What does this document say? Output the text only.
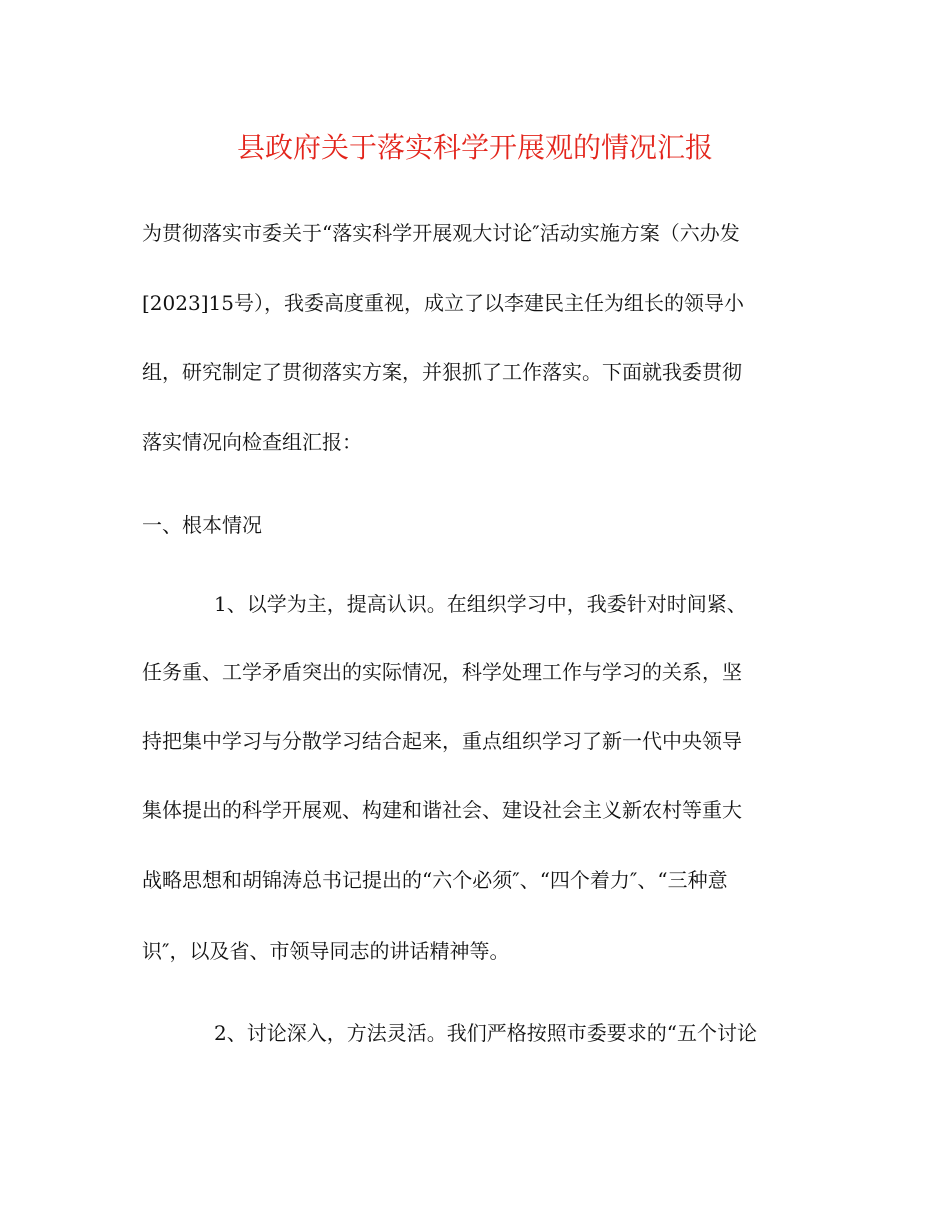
县政府关于落实科学开展观的情况汇报
为贯彻落实市委关于“落实科学开展观大讨论″活动实施方案（六办发
[2023]15号），我委高度重视，成立了以李建民主任为组长的领导小
组，研究制定了贯彻落实方案，并狠抓了工作落实。下面就我委贯彻
落实情况向检查组汇报：
一、根本情况
1、以学为主，提高认识。在组织学习中，我委针对时间紧、
任务重、工学矛盾突出的实际情况，科学处理工作与学习的关系，坚
持把集中学习与分散学习结合起来，重点组织学习了新一代中央领导
集体提出的科学开展观、构建和谐社会、建设社会主义新农村等重大
战略思想和胡锦涛总书记提出的“六个必须″、“四个着力″、“三种意
识″，以及省、市领导同志的讲话精神等。
2、讨论深入，方法灵活。我们严格按照市委要求的“五个讨论
